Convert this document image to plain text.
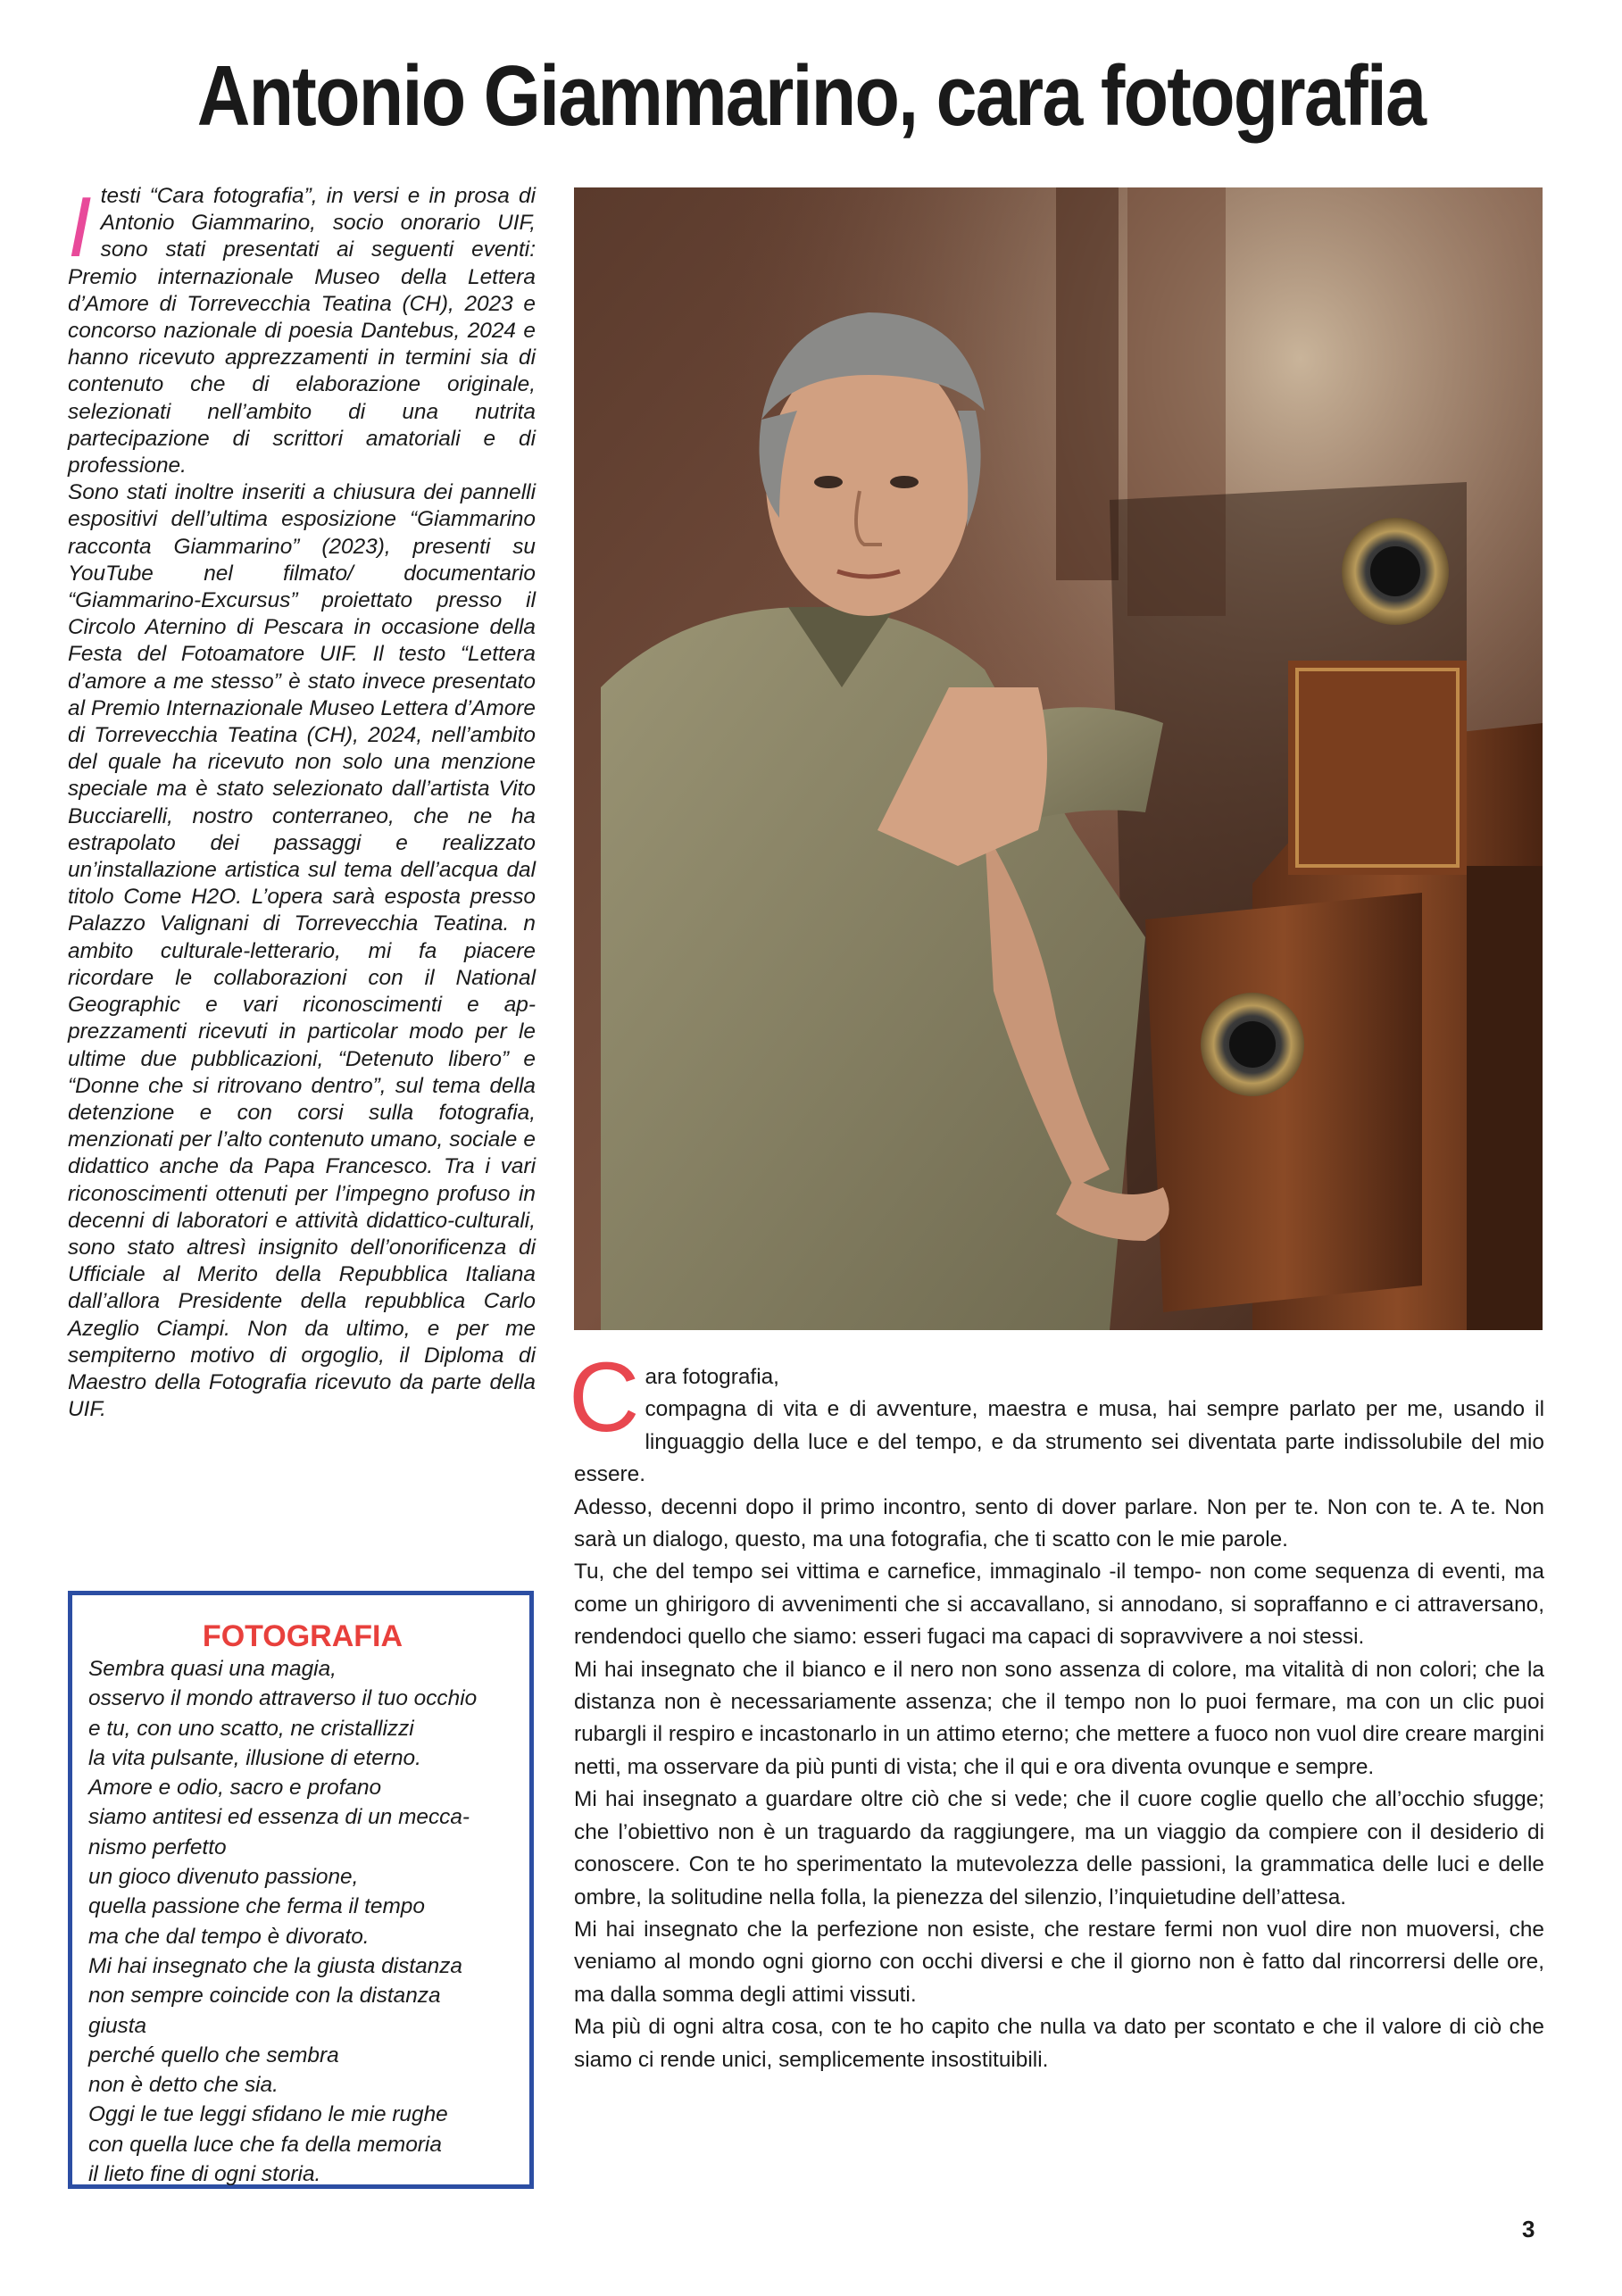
Antonio Giammarino, cara fotografia

Itesti “Cara fotografia”, in versi e in prosa di Antonio Giammarino, socio onorario UIF, sono stati presentati ai seguenti eventi: Premio internazionale Museo della Lettera d’Amore di Torrevecchia Teatina (CH), 2023 e concorso nazionale di poesia Dantebus, 2024 e hanno ricevuto apprezzamenti in termini sia di contenuto che di elaborazione originale, selezionati nell’ambito di una nutrita partecipazione di scrittori amatoriali e di professione.

Sono stati inoltre inseriti a chiusura dei pannelli espositivi dell’ultima esposizione “Giammarino racconta Giammarino” (2023), presenti su YouTube nel filmato/ documentario “Giammarino-Excursus” proiettato presso il Circolo Aternino di Pescara in occasione della Festa del Fotoamatore UIF. Il testo “Lettera d’amore a me stesso” è stato invece presentato al Premio Internazionale Museo Lettera d’Amore di Torrevecchia Teatina (CH), 2024, nell’ambito del quale ha ricevuto non solo una menzione speciale ma è stato selezionato dall’artista Vito Bucciarelli, nostro conterraneo, che ne ha estrapolato dei passaggi e realizzato un’installazione artistica sul tema dell’acqua dal titolo Come H2O. L’opera sarà esposta presso Palazzo Valignani di Torrevecchia Teatina. n ambito culturale-letterario, mi fa piacere ricordare le collaborazioni con il National Geographic e vari riconoscimenti e apprezzamenti ricevuti in particolar modo per le ultime due pubblicazioni, “Detenuto libero” e “Donne che si ritrovano dentro”, sul tema della detenzione e con corsi sulla fotografia, menzionati per l’alto contenuto umano, sociale e didattico anche da Papa Francesco. Tra i vari riconoscimenti ottenuti per l’impegno profuso in decenni di laboratori e attività didattico-culturali, sono stato altresì insignito dell’onorificenza di Ufficiale al Merito della Repubblica Italiana dall’allora Presidente della repubblica Carlo Azeglio Ciampi. Non da ultimo, e per me sempiterno motivo di orgoglio, il Diploma di Maestro della Fotografia ricevuto da parte della UIF.

FOTOGRAFIA
Sembra quasi una magia,
osservo il mondo attraverso il tuo occhio
e tu, con uno scatto, ne cristallizzi
la vita pulsante, illusione di eterno.
Amore e odio, sacro e profano
siamo antitesi ed essenza di un mecca-
nismo perfetto
un gioco divenuto passione,
quella passione che ferma il tempo
ma che dal tempo è divorato.
Mi hai insegnato che la giusta distanza
non sempre coincide con la distanza
giusta
perché quello che sembra
non è detto che sia.
Oggi le tue leggi sfidano le mie rughe
con quella luce che fa della memoria
il lieto fine di ogni storia.

Cara fotografia,

compagna di vita e di avventure, maestra e musa, hai sempre parlato per me, usando il linguaggio della luce e del tempo, e da strumento sei diventata parte indissolubile del mio essere.

Adesso, decenni dopo il primo incontro, sento di dover parlare. Non per te. Non con te. A te. Non sarà un dialogo, questo, ma una fotografia, che ti scatto con le mie parole.

Tu, che del tempo sei vittima e carnefice, immaginalo -il tempo- non come sequenza di eventi, ma come un ghirigoro di avvenimenti che si accavallano, si annodano, si sopraffanno e ci attraversano, rendendoci quello che siamo: esseri fugaci ma capaci di sopravvivere a noi stessi.

Mi hai insegnato che il bianco e il nero non sono assenza di colore, ma vitalità di non colori; che la distanza non è necessariamente assenza; che il tempo non lo puoi fermare, ma con un clic puoi rubargli il respiro e incastonarlo in un attimo eterno; che mettere a fuoco non vuol dire creare margini netti, ma osservare da più punti di vista; che il qui e ora diventa ovunque e sempre.

Mi hai insegnato a guardare oltre ciò che si vede; che il cuore coglie quello che all’occhio sfugge; che l’obiettivo non è un traguardo da raggiungere, ma un viaggio da compiere con il desiderio di conoscere. Con te ho sperimentato la mutevolezza delle passioni, la grammatica delle luci e delle ombre, la solitudine nella folla, la pienezza del silenzio, l’inquietudine dell’attesa.

Mi hai insegnato che la perfezione non esiste, che restare fermi non vuol dire non muoversi, che veniamo al mondo ogni giorno con occhi diversi e che il giorno non è fatto dal rincorrersi delle ore, ma dalla somma degli attimi vissuti.

Ma più di ogni altra cosa, con te ho capito che nulla va dato per scontato e che il valore di ciò che siamo ci rende unici, semplicemente insostituibili.

3
